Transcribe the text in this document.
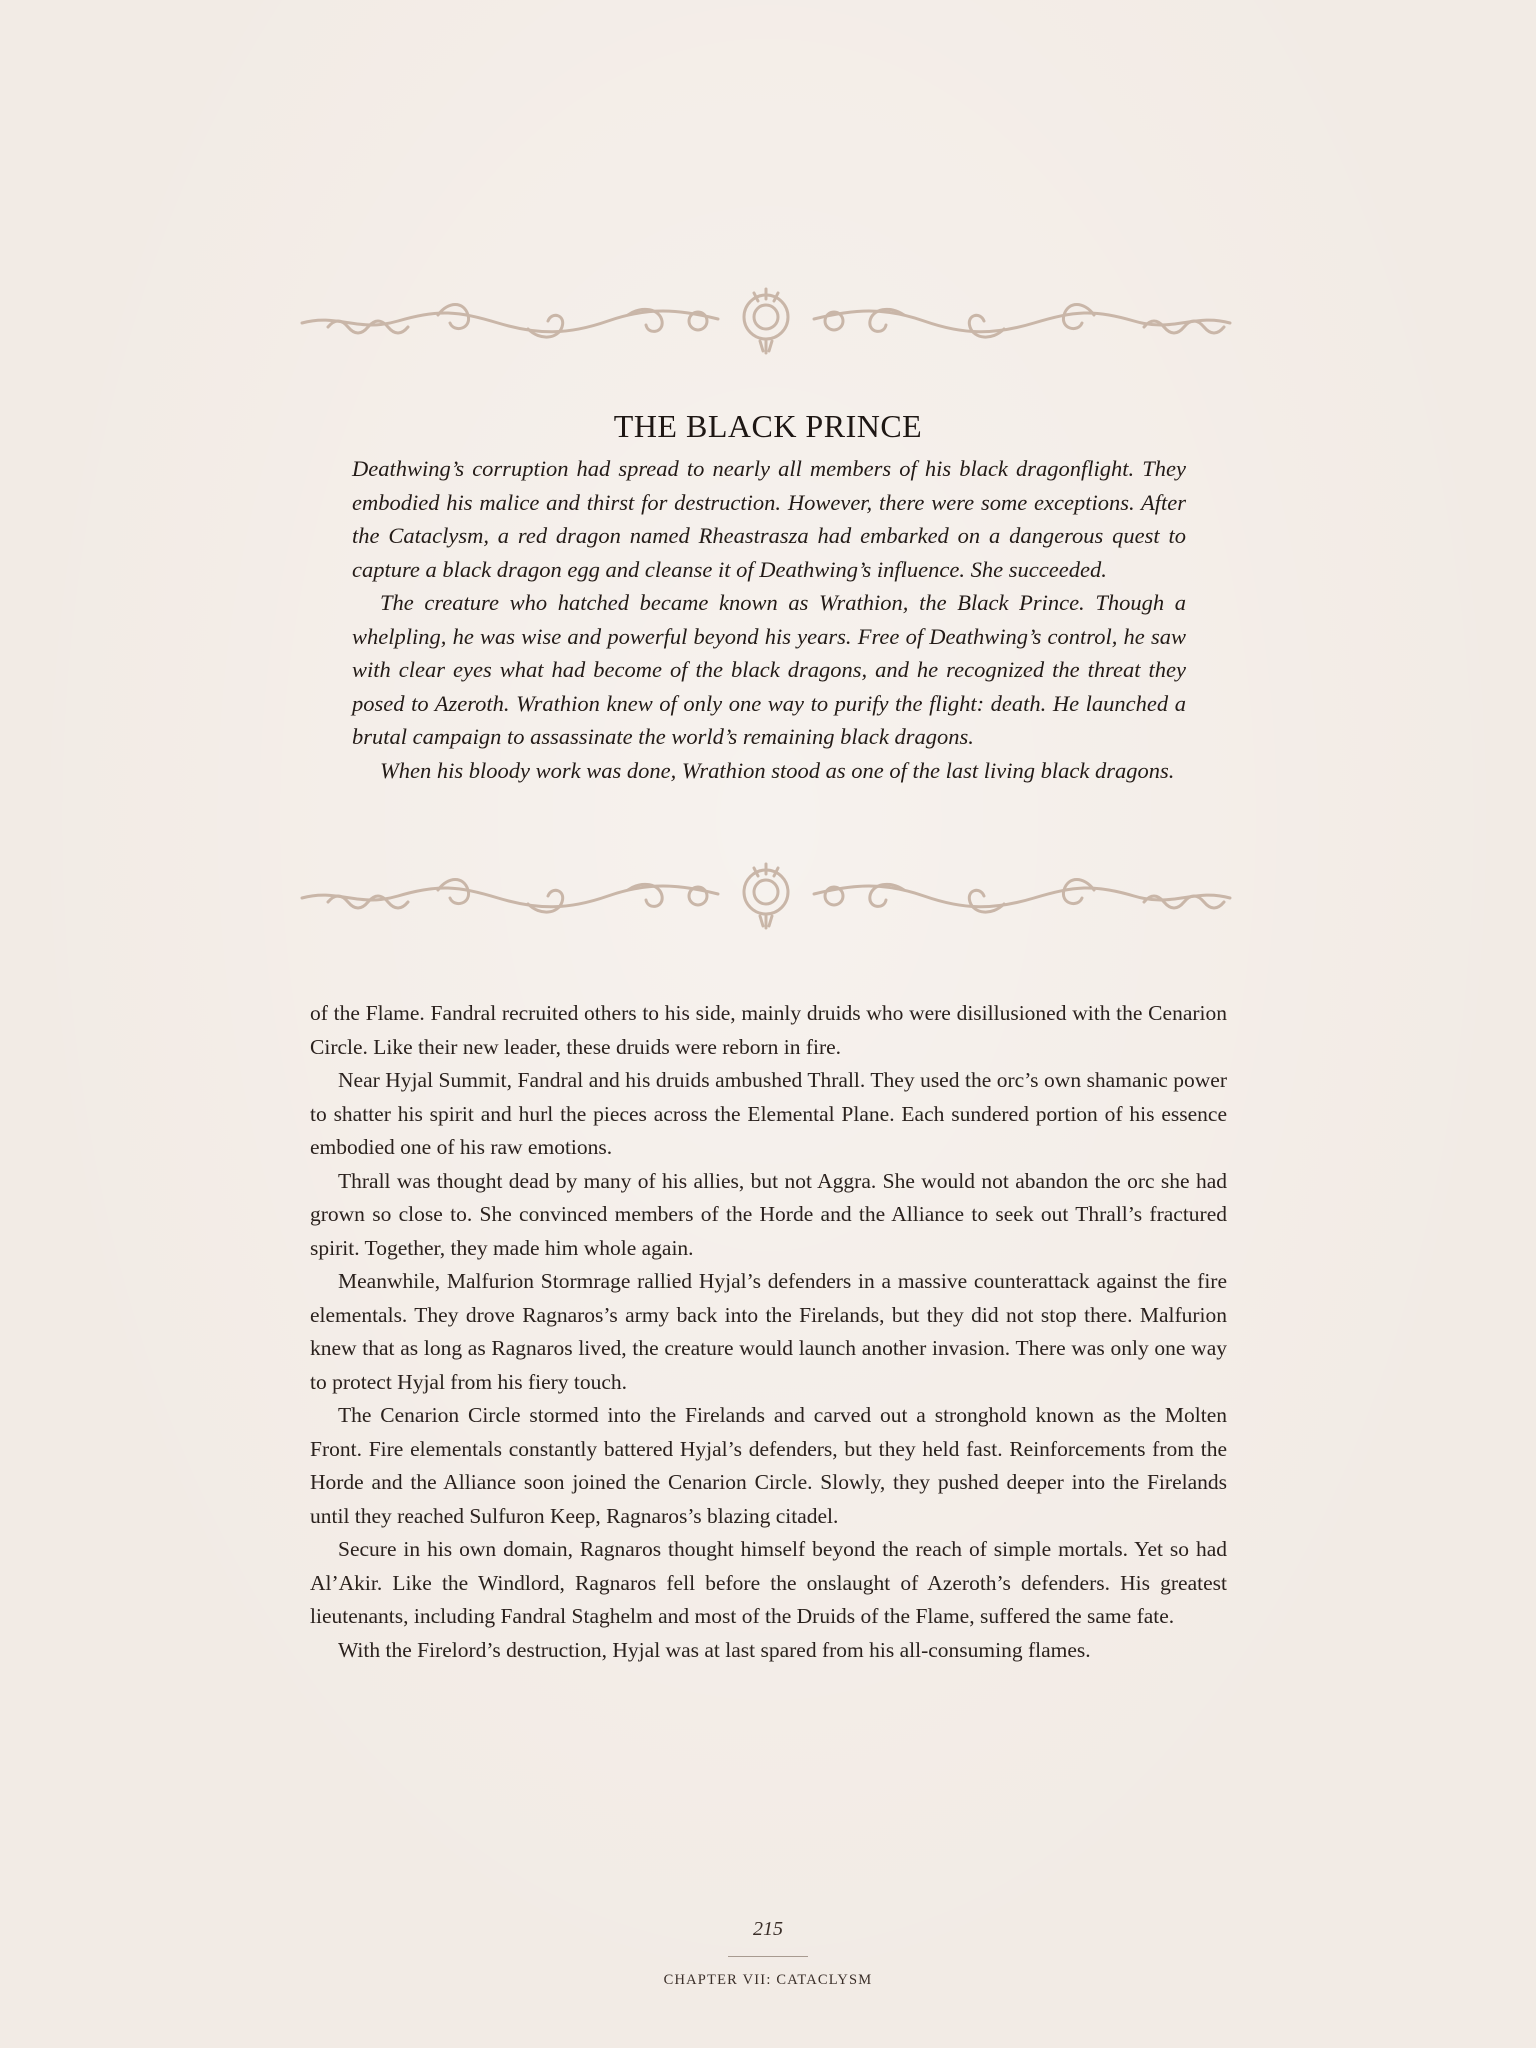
THE BLACK PRINCE

Deathwing’s corruption had spread to nearly all members of his black dragonflight. They embodied his malice and thirst for destruction. However, there were some exceptions. After the Cataclysm, a red dragon named Rheastrasza had embarked on a dangerous quest to capture a black dragon egg and cleanse it of Deathwing’s influence. She succeeded.

The creature who hatched became known as Wrathion, the Black Prince. Though a whelpling, he was wise and powerful beyond his years. Free of Deathwing’s control, he saw with clear eyes what had become of the black dragons, and he recognized the threat they posed to Azeroth. Wrathion knew of only one way to purify the flight: death. He launched a brutal campaign to assassinate the world’s remaining black dragons.

When his bloody work was done, Wrathion stood as one of the last living black dragons.

of the Flame. Fandral recruited others to his side, mainly druids who were disillusioned with the Cenarion Circle. Like their new leader, these druids were reborn in fire.

Near Hyjal Summit, Fandral and his druids ambushed Thrall. They used the orc’s own shamanic power to shatter his spirit and hurl the pieces across the Elemental Plane. Each sundered portion of his essence embodied one of his raw emotions.

Thrall was thought dead by many of his allies, but not Aggra. She would not abandon the orc she had grown so close to. She convinced members of the Horde and the Alliance to seek out Thrall’s fractured spirit. Together, they made him whole again.

Meanwhile, Malfurion Stormrage rallied Hyjal’s defenders in a massive counterattack against the fire elementals. They drove Ragnaros’s army back into the Firelands, but they did not stop there. Malfurion knew that as long as Ragnaros lived, the creature would launch another invasion. There was only one way to protect Hyjal from his fiery touch.

The Cenarion Circle stormed into the Firelands and carved out a stronghold known as the Molten Front. Fire elementals constantly battered Hyjal’s defenders, but they held fast. Reinforcements from the Horde and the Alliance soon joined the Cenarion Circle. Slowly, they pushed deeper into the Firelands until they reached Sulfuron Keep, Ragnaros’s blazing citadel.

Secure in his own domain, Ragnaros thought himself beyond the reach of simple mortals. Yet so had Al’Akir. Like the Windlord, Ragnaros fell before the onslaught of Azeroth’s defenders. His greatest lieutenants, including Fandral Staghelm and most of the Druids of the Flame, suffered the same fate.

With the Firelord’s destruction, Hyjal was at last spared from his all-consuming flames.

215
CHAPTER VII: CATACLYSM
